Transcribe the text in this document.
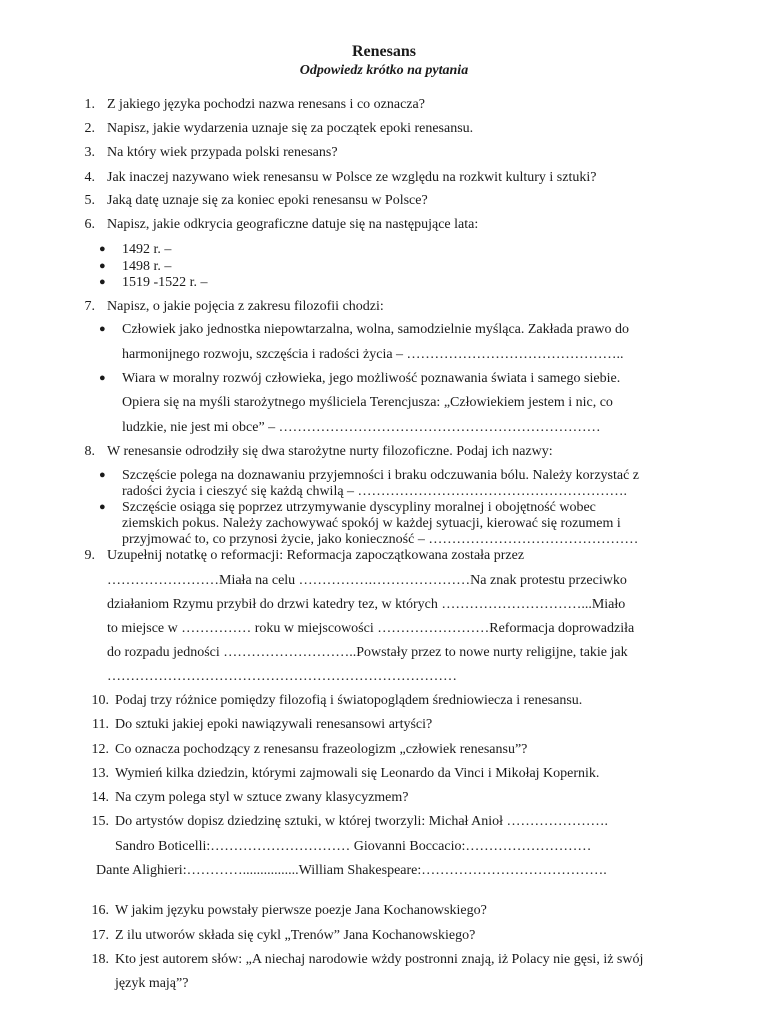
Renesans
Odpowiedz krótko na pytania
1. Z jakiego języka pochodzi nazwa renesans i co oznacza?
2. Napisz, jakie wydarzenia uznaje się za początek epoki renesansu.
3. Na który wiek przypada polski renesans?
4. Jak inaczej nazywano wiek renesansu w Polsce ze względu na rozkwit kultury i sztuki?
5. Jaką datę uznaje się za koniec epoki renesansu w Polsce?
6. Napisz, jakie odkrycia geograficzne datuje się na następujące lata:
● 1492 r. –
● 1498 r. –
● 1519 -1522 r. –
7. Napisz, o jakie pojęcia z zakresu filozofii chodzi:
● Człowiek jako jednostka niepowtarzalna, wolna, samodzielnie myśląca. Zakłada prawo do
harmonijnego rozwoju, szczęścia i radości życia – ………………………………………..
● Wiara w moralny rozwój człowieka, jego możliwość poznawania świata i samego siebie.
Opiera się na myśli starożytnego myśliciela Terencjusza: „Człowiekiem jestem i nic, co
ludzkie, nie jest mi obce” – ……………………………………………………………
8. W renesansie odrodziły się dwa starożytne nurty filozoficzne. Podaj ich nazwy:
● Szczęście polega na doznawaniu przyjemności i braku odczuwania bólu. Należy korzystać z
radości życia i cieszyć się każdą chwilą – ………………………………………………….
● Szczęście osiąga się poprzez utrzymywanie dyscypliny moralnej i obojętność wobec
ziemskich pokus. Należy zachowywać spokój w każdej sytuacji, kierować się rozumem i
przyjmować to, co przynosi życie, jako konieczność – ………………………………………
9. Uzupełnij notatkę o reformacji: Reformacja zapoczątkowana została przez
……………………Miała na celu …………….…………………Na znak protestu przeciwko
działaniom Rzymu przybił do drzwi katedry tez, w których …………………………...Miało
to miejsce w …………… roku w miejscowości ……………………Reformacja doprowadziła
do rozpadu jedności ………………………..Powstały przez to nowe nurty religijne, takie jak
…………………………………………………………………
10. Podaj trzy różnice pomiędzy filozofią i światopoglądem średniowiecza i renesansu.
11. Do sztuki jakiej epoki nawiązywali renesansowi artyści?
12. Co oznacza pochodzący z renesansu frazeologizm „człowiek renesansu”?
13. Wymień kilka dziedzin, którymi zajmowali się Leonardo da Vinci i Mikołaj Kopernik.
14. Na czym polega styl w sztuce zwany klasycyzmem?
15. Do artystów dopisz dziedzinę sztuki, w której tworzyli: Michał Anioł ………………….
Sandro Boticelli:………………………… Giovanni Boccacio:………………………
Dante Alighieri:…………................William Shakespeare:………………………………….
16. W jakim języku powstały pierwsze poezje Jana Kochanowskiego?
17. Z ilu utworów składa się cykl „Trenów” Jana Kochanowskiego?
18. Kto jest autorem słów: „A niechaj narodowie wżdy postronni znają, iż Polacy nie gęsi, iż swój
język mają”?
